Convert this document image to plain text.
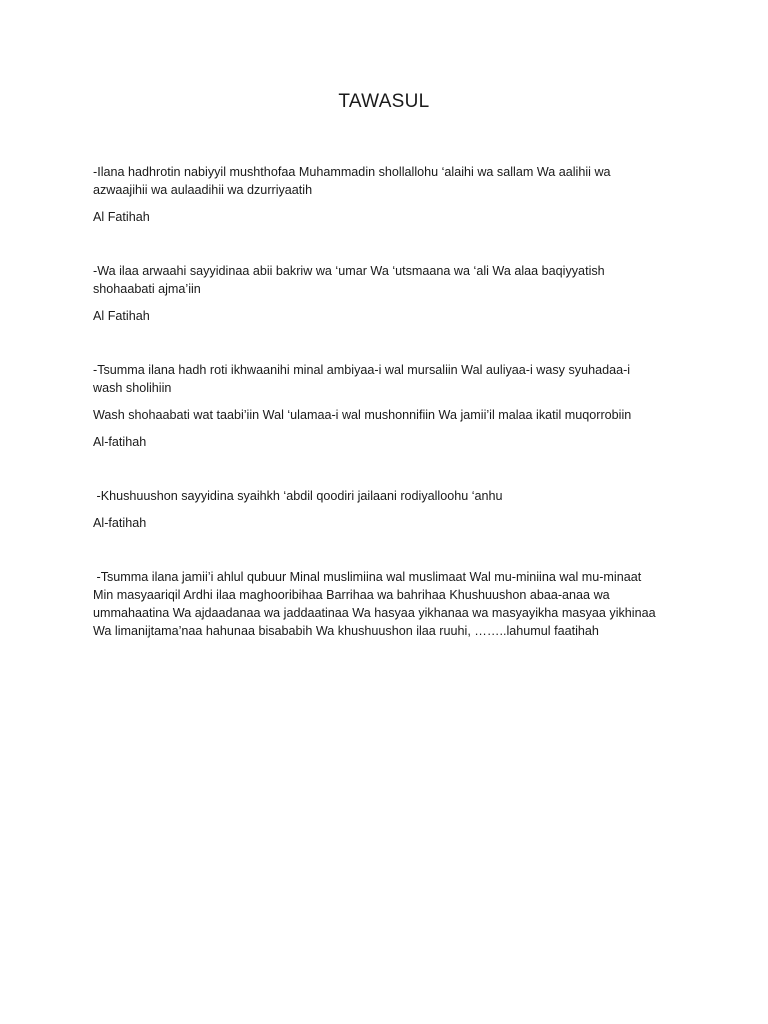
TAWASUL

-Ilana hadhrotin nabiyyil mushthofaa Muhammadin shollallohu ‘alaihi wa sallam Wa aalihii wa

azwaajihii wa aulaadihii wa dzurriyaatih

Al Fatihah

-Wa ilaa arwaahi sayyidinaa abii bakriw wa ‘umar Wa ‘utsmaana wa ‘ali Wa alaa baqiyyatish

shohaabati ajma’iin

Al Fatihah

-Tsumma ilana hadh roti ikhwaanihi minal ambiyaa-i wal mursaliin Wal auliyaa-i wasy syuhadaa-i

wash sholihiin

Wash shohaabati wat taabi’iin Wal ‘ulamaa-i wal mushonnifiin Wa jamii’il malaa ikatil muqorrobiin

Al-fatihah

-Khushuushon sayyidina syaihkh ‘abdil qoodiri jailaani rodiyalloohu ‘anhu

Al-fatihah

-Tsumma ilana jamii’i ahlul qubuur Minal muslimiina wal muslimaat Wal mu-miniina wal mu-minaat

Min masyaariqil Ardhi ilaa maghooribihaa Barrihaa wa bahrihaa Khushuushon abaa-anaa wa

ummahaatina Wa ajdaadanaa wa jaddaatinaa Wa hasyaa yikhanaa wa masyayikha masyaa yikhinaa

Wa limanijtama’naa hahunaa bisababih Wa khushuushon ilaa ruuhi, ……..lahumul faatihah
